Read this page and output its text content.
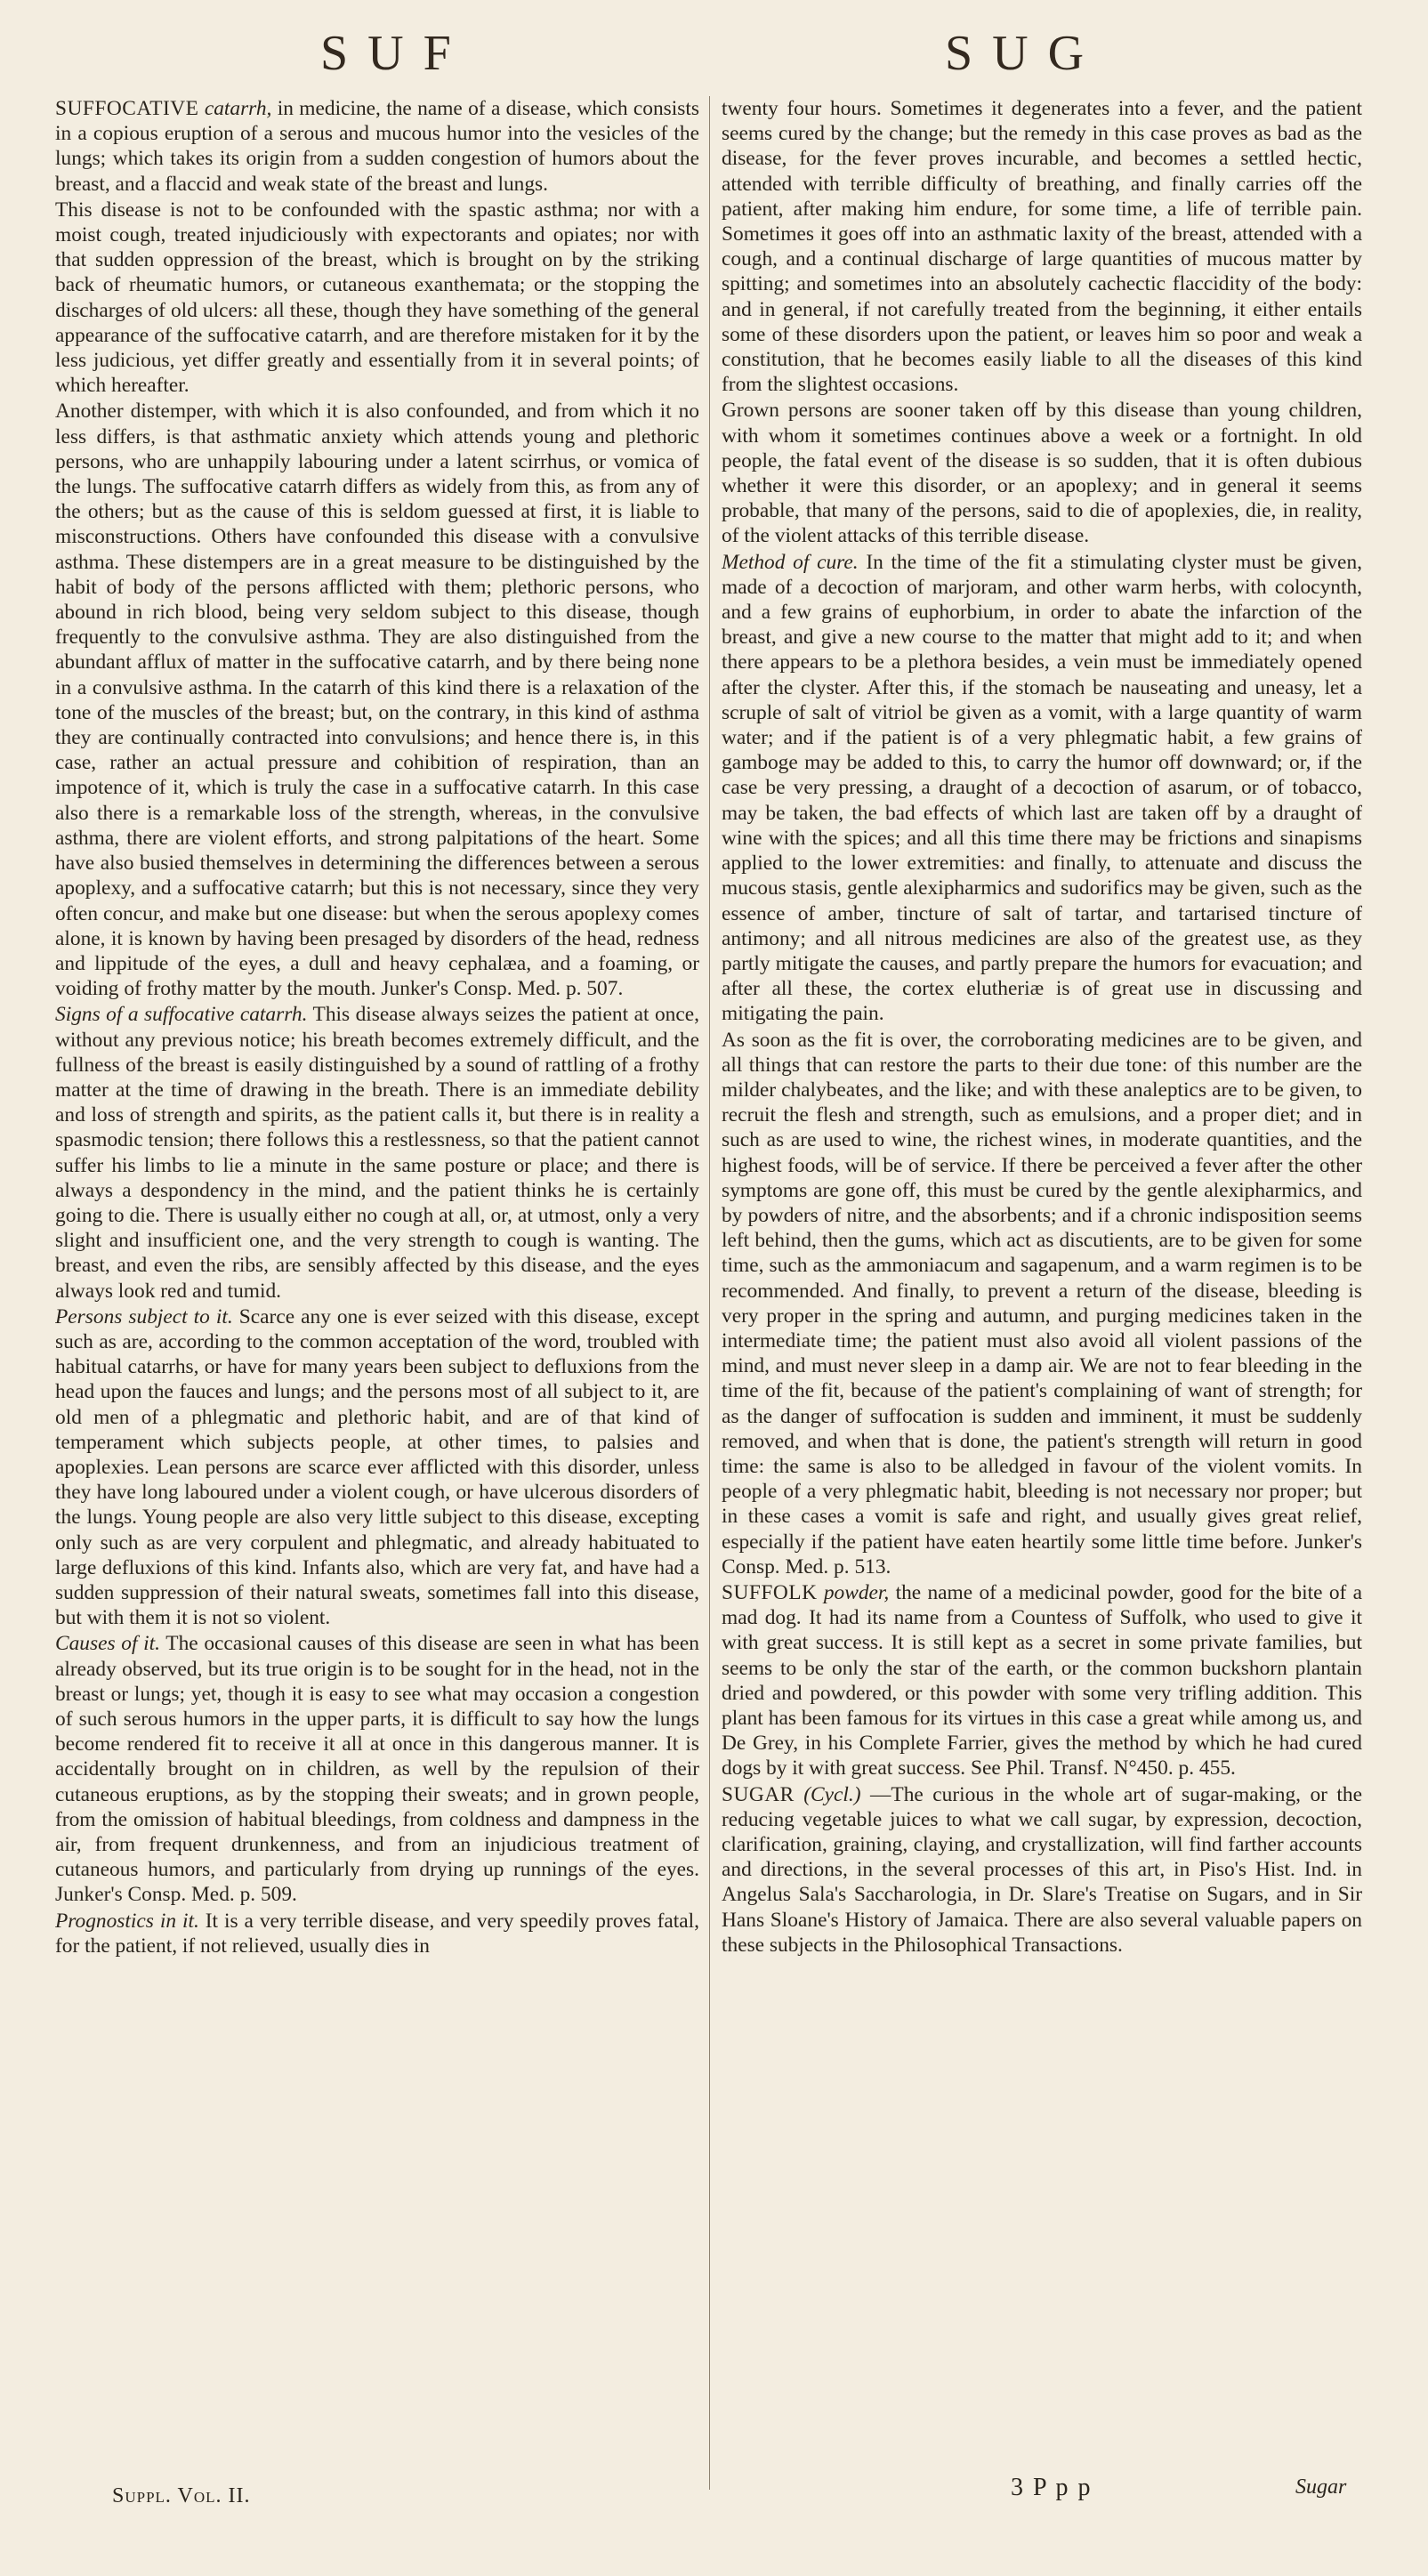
SUF	SUG

SUFFOCATIVE catarrh, in medicine, the name of a disease, which consists in a copious eruption of a serous and mucous humor into the vesicles of the lungs; which takes its origin from a sudden congestion of humors about the breast, and a flaccid and weak state of the breast and lungs.

This disease is not to be confounded with the spastic asthma; nor with a moist cough, treated injudiciously with expectorants and opiates; nor with that sudden oppression of the breast, which is brought on by the striking back of rheumatic humors, or cutaneous exanthemata; or the stopping the discharges of old ulcers: all these, though they have something of the general appearance of the suffocative catarrh, and are therefore mistaken for it by the less judicious, yet differ greatly and essentially from it in several points; of which hereafter.

Another distemper, with which it is also confounded, and from which it no less differs, is that asthmatic anxiety which attends young and plethoric persons, who are unhappily labouring under a latent scirrhus, or vomica of the lungs. The suffocative catarrh differs as widely from this, as from any of the others; but as the cause of this is seldom guessed at first, it is liable to misconstructions. Others have confounded this disease with a convulsive asthma. These distempers are in a great measure to be distinguished by the habit of body of the persons afflicted with them; plethoric persons, who abound in rich blood, being very seldom subject to this disease, though frequently to the convulsive asthma. They are also distinguished from the abundant afflux of matter in the suffocative catarrh, and by there being none in a convulsive asthma. In the catarrh of this kind there is a relaxation of the tone of the muscles of the breast; but, on the contrary, in this kind of asthma they are continually contracted into convulsions; and hence there is, in this case, rather an actual pressure and cohibition of respiration, than an impotence of it, which is truly the case in a suffocative catarrh. In this case also there is a remarkable loss of the strength, whereas, in the convulsive asthma, there are violent efforts, and strong palpitations of the heart. Some have also busied themselves in determining the differences between a serous apoplexy, and a suffocative catarrh; but this is not necessary, since they very often concur, and make but one disease: but when the serous apoplexy comes alone, it is known by having been presaged by disorders of the head, redness and lippitude of the eyes, a dull and heavy cephalæa, and a foaming, or voiding of frothy matter by the mouth. Junker's Consp. Med. p. 507.

Signs of a suffocative catarrh. This disease always seizes the patient at once, without any previous notice; his breath becomes extremely difficult, and the fullness of the breast is easily distinguished by a sound of rattling of a frothy matter at the time of drawing in the breath. There is an immediate debility and loss of strength and spirits, as the patient calls it, but there is in reality a spasmodic tension; there follows this a restlessness, so that the patient cannot suffer his limbs to lie a minute in the same posture or place; and there is always a despondency in the mind, and the patient thinks he is certainly going to die. There is usually either no cough at all, or, at utmost, only a very slight and insufficient one, and the very strength to cough is wanting. The breast, and even the ribs, are sensibly affected by this disease, and the eyes always look red and tumid.

Persons subject to it. Scarce any one is ever seized with this disease, except such as are, according to the common acceptation of the word, troubled with habitual catarrhs, or have for many years been subject to defluxions from the head upon the fauces and lungs; and the persons most of all subject to it, are old men of a phlegmatic and plethoric habit, and are of that kind of temperament which subjects people, at other times, to palsies and apoplexies. Lean persons are scarce ever afflicted with this disorder, unless they have long laboured under a violent cough, or have ulcerous disorders of the lungs. Young people are also very little subject to this disease, excepting only such as are very corpulent and phlegmatic, and already habituated to large defluxions of this kind. Infants also, which are very fat, and have had a sudden suppression of their natural sweats, sometimes fall into this disease, but with them it is not so violent.

Causes of it. The occasional causes of this disease are seen in what has been already observed, but its true origin is to be sought for in the head, not in the breast or lungs; yet, though it is easy to see what may occasion a congestion of such serous humors in the upper parts, it is difficult to say how the lungs become rendered fit to receive it all at once in this dangerous manner. It is accidentally brought on in children, as well by the repulsion of their cutaneous eruptions, as by the stopping their sweats; and in grown people, from the omission of habitual bleedings, from coldness and dampness in the air, from frequent drunkenness, and from an injudicious treatment of cutaneous humors, and particularly from drying up runnings of the eyes. Junker's Consp. Med. p. 509.

Prognostics in it. It is a very terrible disease, and very speedily proves fatal, for the patient, if not relieved, usually dies in

twenty four hours. Sometimes it degenerates into a fever, and the patient seems cured by the change; but the remedy in this case proves as bad as the disease, for the fever proves incurable, and becomes a settled hectic, attended with terrible difficulty of breathing, and finally carries off the patient, after making him endure, for some time, a life of terrible pain. Sometimes it goes off into an asthmatic laxity of the breast, attended with a cough, and a continual discharge of large quantities of mucous matter by spitting; and sometimes into an absolutely cachectic flaccidity of the body: and in general, if not carefully treated from the beginning, it either entails some of these disorders upon the patient, or leaves him so poor and weak a constitution, that he becomes easily liable to all the diseases of this kind from the slightest occasions.

Grown persons are sooner taken off by this disease than young children, with whom it sometimes continues above a week or a fortnight. In old people, the fatal event of the disease is so sudden, that it is often dubious whether it were this disorder, or an apoplexy; and in general it seems probable, that many of the persons, said to die of apoplexies, die, in reality, of the violent attacks of this terrible disease.

Method of cure. In the time of the fit a stimulating clyster must be given, made of a decoction of marjoram, and other warm herbs, with colocynth, and a few grains of euphorbium, in order to abate the infarction of the breast, and give a new course to the matter that might add to it; and when there appears to be a plethora besides, a vein must be immediately opened after the clyster. After this, if the stomach be nauseating and uneasy, let a scruple of salt of vitriol be given as a vomit, with a large quantity of warm water; and if the patient is of a very phlegmatic habit, a few grains of gamboge may be added to this, to carry the humor off downward; or, if the case be very pressing, a draught of a decoction of asarum, or of tobacco, may be taken, the bad effects of which last are taken off by a draught of wine with the spices; and all this time there may be frictions and sinapisms applied to the lower extremities: and finally, to attenuate and discuss the mucous stasis, gentle alexipharmics and sudorifics may be given, such as the essence of amber, tincture of salt of tartar, and tartarised tincture of antimony; and all nitrous medicines are also of the greatest use, as they partly mitigate the causes, and partly prepare the humors for evacuation; and after all these, the cortex elutheriæ is of great use in discussing and mitigating the pain.

As soon as the fit is over, the corroborating medicines are to be given, and all things that can restore the parts to their due tone: of this number are the milder chalybeates, and the like; and with these analeptics are to be given, to recruit the flesh and strength, such as emulsions, and a proper diet; and in such as are used to wine, the richest wines, in moderate quantities, and the highest foods, will be of service. If there be perceived a fever after the other symptoms are gone off, this must be cured by the gentle alexipharmics, and by powders of nitre, and the absorbents; and if a chronic indisposition seems left behind, then the gums, which act as discutients, are to be given for some time, such as the ammoniacum and sagapenum, and a warm regimen is to be recommended. And finally, to prevent a return of the disease, bleeding is very proper in the spring and autumn, and purging medicines taken in the intermediate time; the patient must also avoid all violent passions of the mind, and must never sleep in a damp air. We are not to fear bleeding in the time of the fit, because of the patient's complaining of want of strength; for as the danger of suffocation is sudden and imminent, it must be suddenly removed, and when that is done, the patient's strength will return in good time: the same is also to be alledged in favour of the violent vomits. In people of a very phlegmatic habit, bleeding is not necessary nor proper; but in these cases a vomit is safe and right, and usually gives great relief, especially if the patient have eaten heartily some little time before. Junker's Consp. Med. p. 513.

SUFFOLK powder, the name of a medicinal powder, good for the bite of a mad dog. It had its name from a Countess of Suffolk, who used to give it with great success. It is still kept as a secret in some private families, but seems to be only the star of the earth, or the common buckshorn plantain dried and powdered, or this powder with some very trifling addition. This plant has been famous for its virtues in this case a great while among us, and De Grey, in his Complete Farrier, gives the method by which he had cured dogs by it with great success. See Phil. Transf. N°450. p. 455.

SUGAR (Cycl.) —The curious in the whole art of sugar-making, or the reducing vegetable juices to what we call sugar, by expression, decoction, clarification, graining, claying, and crystallization, will find farther accounts and directions, in the several processes of this art, in Piso's Hist. Ind. in Angelus Sala's Saccharologia, in Dr. Slare's Treatise on Sugars, and in Sir Hans Sloane's History of Jamaica. There are also several valuable papers on these subjects in the Philosophical Transactions.

Suppl. Vol. II.	3 P p p	Sugar
